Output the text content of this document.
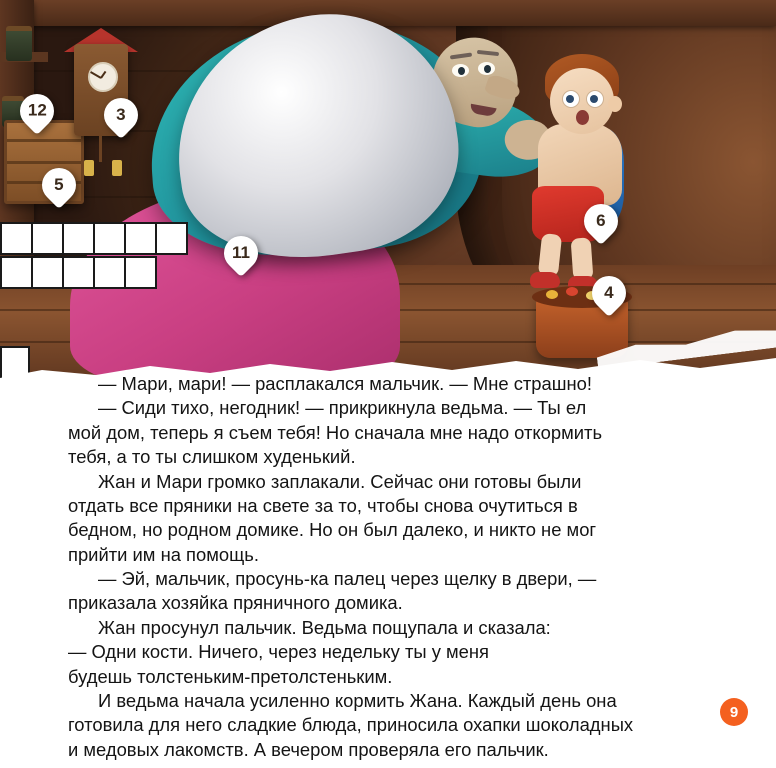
12	3
5
11
6
4

— Мари, мари! — расплакался мальчик. — Мне страшно!

— Сиди тихо, негодник! — прикрикнула ведьма. — Ты ел

мой дом, теперь я съем тебя! Но сначала мне надо откормить

тебя, а то ты слишком худенький.

Жан и Мари громко заплакали. Сейчас они готовы были

отдать все пряники на свете за то, чтобы снова очутиться в

бедном, но родном домике. Но он был далеко, и никто не мог

прийти им на помощь.

— Эй, мальчик, просунь-ка палец через щелку в двери, —

приказала хозяйка пряничного домика.

Жан просунул пальчик. Ведьма пощупала и сказала:

— Одни кости. Ничего, через недельку ты у меня

будешь толстеньким-претолстеньким.

И ведьма начала усиленно кормить Жана. Каждый день она

готовила для него сладкие блюда, приносила охапки шоколадных

и медовых лакомств. А вечером проверяла его пальчик.

9
